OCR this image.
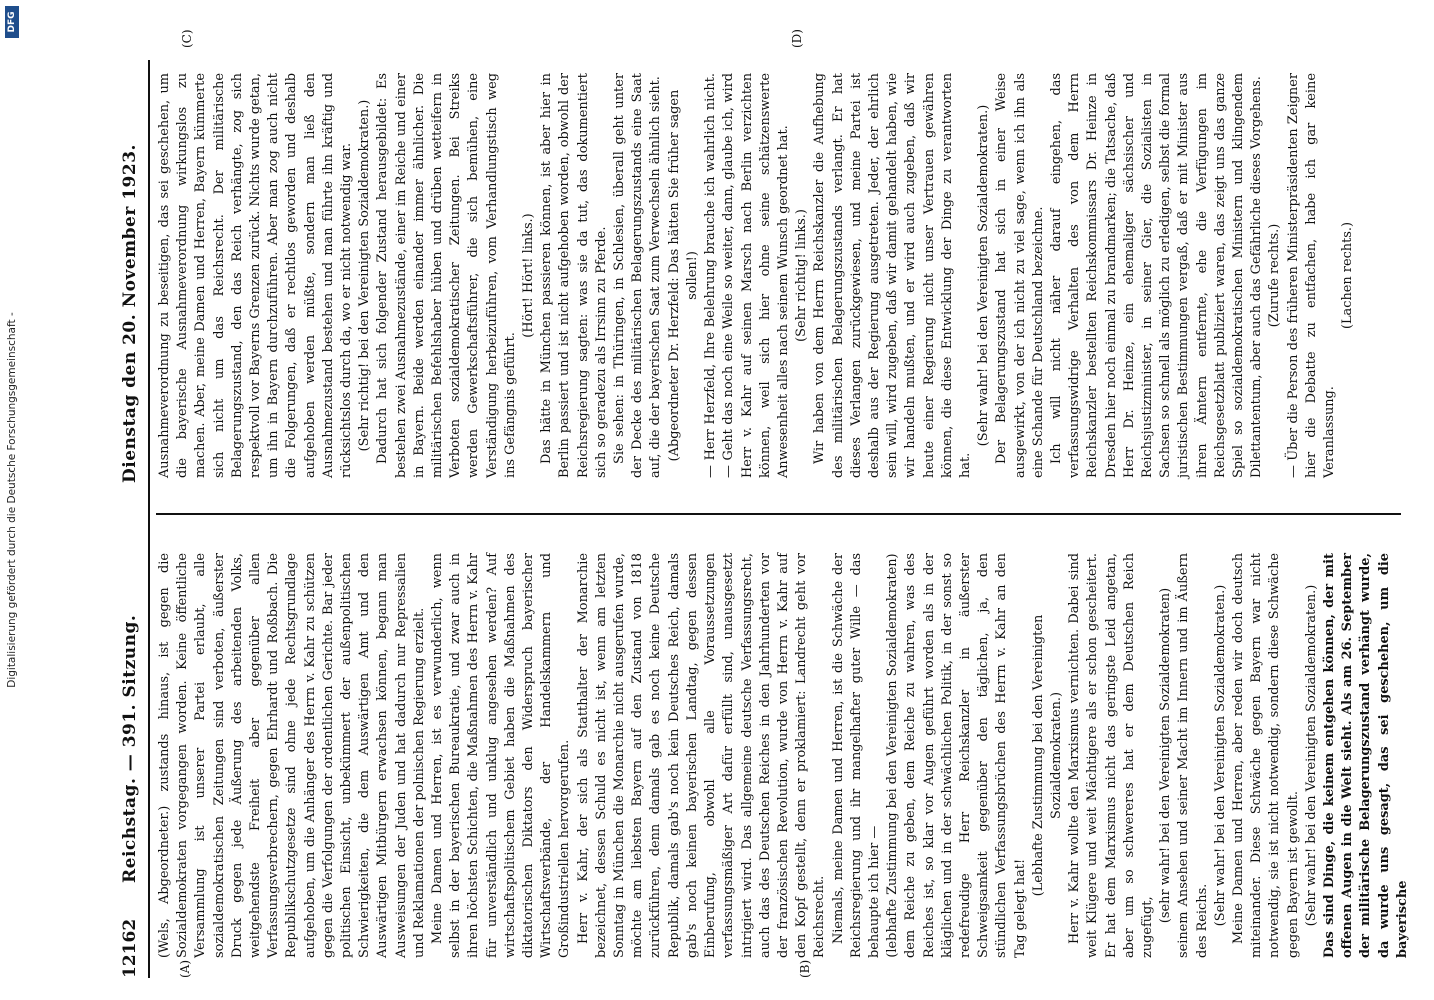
Digitalisierung gefördert durch die Deutsche Forschungsgemeinschaft -
DFG
12162
Reichstag. — 391. Sitzung.
Dienstag den 20. November 1923.
(A)	(B)
(C)	(D)

(Wels, Abgeordneter.) zustands hinaus, ist gegen die Sozialdemokraten vorgegangen worden. Keine öffentliche Versammlung ist unserer Partei erlaubt, alle sozialdemokratischen Zeitungen sind verboten, äußerster Druck gegen jede Äußerung des arbeitenden Volks, weitgehendste Freiheit aber gegenüber allen Verfassungsverbrechern, gegen Ehrhardt und Roßbach. Die Republikschutzgesetze sind ohne jede Rechtsgrundlage aufgehoben, um die Anhänger des Herrn v. Kahr zu schützen gegen die Verfolgungen der ordentlichen Gerichte. Bar jeder politischen Einsicht, unbekümmert der außenpolitischen Schwierigkeiten, die dem Auswärtigen Amt und den Auswärtigen Mitbürgern erwachsen können, begann man Ausweisungen der Juden und hat dadurch nur Repressalien und Reklamationen der polnischen Regierung erzielt. Meine Damen und Herren, ist es verwunderlich, wenn selbst in der bayerischen Bureaukratie, und zwar auch in ihren höchsten Schichten, die Maßnahmen des Herrn v. Kahr für unverständlich und unklug angesehen werden? Auf wirtschaftspolitischem Gebiet haben die Maßnahmen des diktatorischen Diktators den Widerspruch bayerischer Wirtschaftsverbände, der Handelskammern und Großindustriellen hervorgerufen. Herr v. Kahr, der sich als Statthalter der Monarchie bezeichnet, dessen Schuld es nicht ist, wenn am letzten Sonntag in München die Monarchie nicht ausgerufen wurde, möchte am liebsten Bayern auf den Zustand von 1818 zurückführen, denn damals gab es noch keine Deutsche Republik, damals gab's noch kein Deutsches Reich, damals gab's noch keinen bayerischen Landtag, gegen dessen Einberufung, obwohl alle Voraussetzungen verfassungsmäßiger Art dafür erfüllt sind, unausgesetzt intrigiert wird. Das allgemeine deutsche Verfassungsrecht, auch das des Deutschen Reiches in den Jahrhunderten vor der französischen Revolution, wurde von Herrn v. Kahr auf den Kopf gestellt, denn er proklamiert: Landrecht geht vor Reichsrecht. Niemals, meine Damen und Herren, ist die Schwäche der Reichsregierung und ihr mangelhafter guter Wille — das behaupte ich hier — (lebhafte Zustimmung bei den Vereinigten Sozialdemokraten) dem Reiche zu geben, dem Reiche zu wahren, was des Reiches ist, so klar vor Augen geführt worden als in der kläglichen und in der schwächlichen Politik, in der sonst so redefreudige Herr Reichskanzler in äußerster Schweigsamkeit gegenüber den täglichen, ja, den stündlichen Verfassungsbrüchen des Herrn v. Kahr an den Tag gelegt hat!

(Lebhafte Zustimmung bei den Vereinigten Sozialdemokraten.) Herr v. Kahr wollte den Marxismus vernichten. Dabei sind weit Klügere und weit Mächtigere als er schon gescheitert. Er hat dem Marxismus nicht das geringste Leid angetan, aber um so schwereres hat er dem Deutschen Reich zugefügt,

(sehr wahr! bei den Vereinigten Sozialdemokraten) seinem Ansehen und seiner Macht im Innern und im Äußern des Reichs. (Sehr wahr! bei den Vereinigten Sozialdemokraten.) Meine Damen und Herren, aber reden wir doch deutsch miteinander. Diese Schwäche gegen Bayern war nicht notwendig, sie ist nicht notwendig, sondern diese Schwäche gegen Bayern ist gewollt. (Sehr wahr! bei den Vereinigten Sozialdemokraten.) Das sind Dinge, die keinem entgehen können, der mit offenen Augen in die Welt sieht. Als am 26. September der militärische Belagerungszustand verhängt wurde, da wurde uns gesagt, das sei geschehen, um die bayerische

Ausnahmeverordnung zu beseitigen, das sei geschehen, um die bayerische Ausnahmeverordnung wirkungslos zu machen. Aber, meine Damen und Herren, Bayern kümmerte sich nicht um das Reichsrecht. Der militärische Belagerungszustand, den das Reich verhängte, zog sich respektvoll vor Bayerns Grenzen zurück. Nichts wurde getan, um ihn in Bayern durchzuführen. Aber man zog auch nicht die Folgerungen, daß er rechtlos geworden und deshalb aufgehoben werden müßte, sondern man ließ den Ausnahmezustand bestehen und man führte ihn kräftig und rücksichtslos durch da, wo er nicht notwendig war. (Sehr richtig! bei den Vereinigten Sozialdemokraten.) Dadurch hat sich folgender Zustand herausgebildet: Es bestehen zwei Ausnahmezustände, einer im Reiche und einer in Bayern. Beide werden einander immer ähnlicher. Die militärischen Befehlshaber hüben und drüben wetteifern in Verboten sozialdemokratischer Zeitungen. Bei Streiks werden Gewerkschaftsführer, die sich bemühen, eine Verständigung herbeizuführen, vom Verhandlungstisch weg ins Gefängnis geführt.

(Hört! Hört! links.) Das hätte in München passieren können, ist aber hier in Berlin passiert und ist nicht aufgehoben worden, obwohl der Reichsregierung sagten: was sie da tut, das dokumentiert sich so geradezu als Irrsinn zu Pferde. Sie sehen: in Thüringen, in Schlesien, überall geht unter der Decke des militärischen Belagerungszustands eine Saat auf, die der bayerischen Saat zum Verwechseln ähnlich sieht. (Abgeordneter Dr. Herzfeld: Das hätten Sie früher sagen sollen!) — Herr Herzfeld, Ihre Belehrung brauche ich wahrlich nicht. — Geht das noch eine Weile so weiter, dann, glaube ich, wird Herr v. Kahr auf seinen Marsch nach Berlin verzichten können, weil sich hier ohne seine schätzenswerte Anwesenheit alles nach seinem Wunsch geordnet hat. (Sehr richtig! links.) Wir haben von dem Herrn Reichskanzler die Aufhebung des militärischen Belagerungszustands verlangt. Er hat dieses Verlangen zurückgewiesen, und meine Partei ist deshalb aus der Regierung ausgetreten. Jeder, der ehrlich sein will, wird zugeben, daß wir damit gehandelt haben, wie wir handeln mußten, und er wird auch zugeben, daß wir heute einer Regierung nicht unser Vertrauen gewähren können, die diese Entwicklung der Dinge zu verantworten hat.

(Sehr wahr! bei den Vereinigten Sozialdemokraten.) Der Belagerungszustand hat sich in einer Weise ausgewirkt, von der ich nicht zu viel sage, wenn ich ihn als eine Schande für Deutschland bezeichne. Ich will nicht näher darauf eingehen, das verfassungswidrige Verhalten des von dem Herrn Reichskanzler bestellten Reichskommissars Dr. Heinze in Dresden hier noch einmal zu brandmarken; die Tatsache, daß Herr Dr. Heinze, ein ehemaliger sächsischer und Reichsjustizminister, in seiner Gier, die Sozialisten in Sachsen so schnell als möglich zu erledigen, selbst die formal juristischen Bestimmungen vergaß, daß er mit Minister aus ihren Ämtern entfernte, ehe die Verfügungen im Reichsgesetzblatt publiziert waren, das zeigt uns das ganze Spiel so sozialdemokratischen Ministern und klingendem Dilettantentum, aber auch das Gefährliche dieses Vorgehens. (Zurufe rechts.) — Über die Person des früheren Ministerpräsidenten Zeigner hier die Debatte zu entfachen, habe ich gar keine Veranlassung.

(Lachen rechts.)
